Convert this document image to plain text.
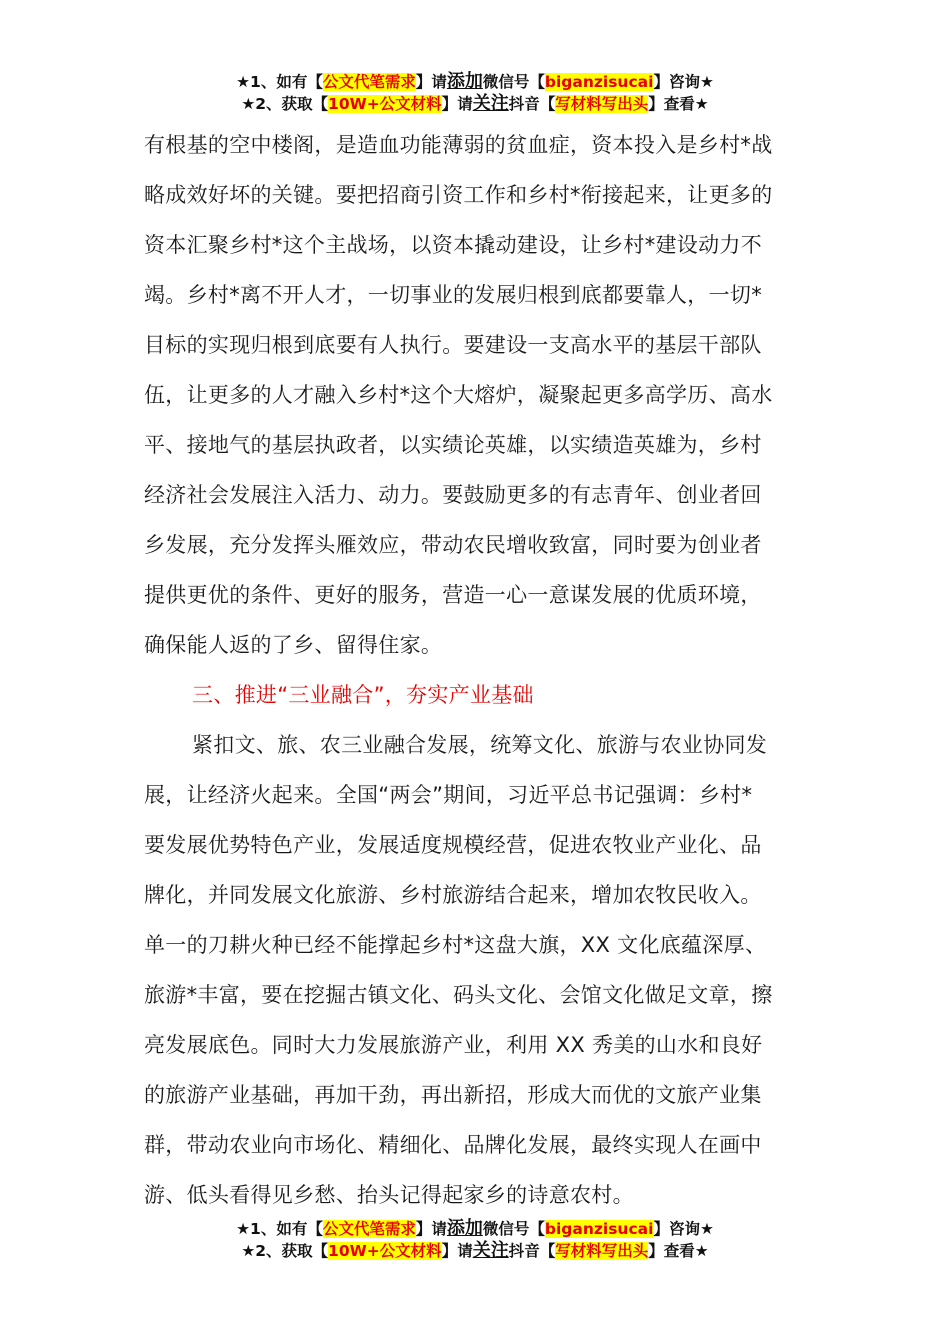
★1、如有【公文代笔需求】请添加微信号【biganzisucai】咨询★
★2、获取【10W+公文材料】请关注抖音【写材料写出头】查看★
有根基的空中楼阁，是造血功能薄弱的贫血症，资本投入是乡村*战
略成效好坏的关键。要把招商引资工作和乡村*衔接起来，让更多的
资本汇聚乡村*这个主战场，以资本撬动建设，让乡村*建设动力不
竭。乡村*离不开人才，一切事业的发展归根到底都要靠人，一切*
目标的实现归根到底要有人执行。要建设一支高水平的基层干部队
伍，让更多的人才融入乡村*这个大熔炉，凝聚起更多高学历、高水
平、接地气的基层执政者，以实绩论英雄，以实绩造英雄为，乡村
经济社会发展注入活力、动力。要鼓励更多的有志青年、创业者回
乡发展，充分发挥头雁效应，带动农民增收致富，同时要为创业者
提供更优的条件、更好的服务，营造一心一意谋发展的优质环境，
确保能人返的了乡、留得住家。
三、推进“三业融合”，夯实产业基础
紧扣文、旅、农三业融合发展，统筹文化、旅游与农业协同发
展，让经济火起来。全国“两会”期间，习近平总书记强调：乡村*
要发展优势特色产业，发展适度规模经营，促进农牧业产业化、品
牌化，并同发展文化旅游、乡村旅游结合起来，增加农牧民收入。
单一的刀耕火种已经不能撑起乡村*这盘大旗，XX 文化底蕴深厚、
旅游*丰富，要在挖掘古镇文化、码头文化、会馆文化做足文章，擦
亮发展底色。同时大力发展旅游产业，利用 XX 秀美的山水和良好
的旅游产业基础，再加干劲，再出新招，形成大而优的文旅产业集
群，带动农业向市场化、精细化、品牌化发展，最终实现人在画中
游、低头看得见乡愁、抬头记得起家乡的诗意农村。
★1、如有【公文代笔需求】请添加微信号【biganzisucai】咨询★
★2、获取【10W+公文材料】请关注抖音【写材料写出头】查看★
